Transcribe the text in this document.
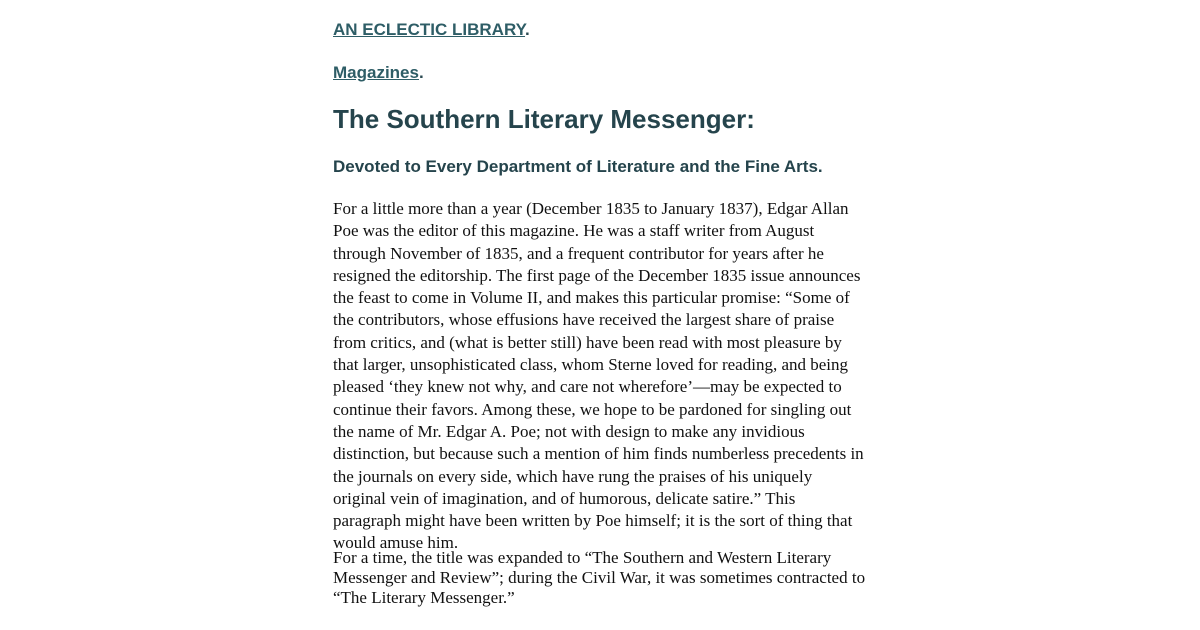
AN ECLECTIC LIBRARY.

Magazines.

The Southern Literary Messenger:
Devoted to Every Department of Literature and the Fine Arts.

For a little more than a year (December 1835 to January 1837), Edgar Allan Poe was the editor of this magazine. He was a staff writer from August through November of 1835, and a frequent contributor for years after he resigned the editorship. The first page of the December 1835 issue announces the feast to come in Volume II, and makes this particular promise: “Some of the contributors, whose effusions have received the largest share of praise from critics, and (what is better still) have been read with most pleasure by that larger, unsophisticated class, whom Sterne loved for reading, and being pleased ‘they knew not why, and care not wherefore’—may be expected to continue their favors. Among these, we hope to be pardoned for singling out the name of Mr. Edgar A. Poe; not with design to make any invidious distinction, but because such a mention of him finds numberless precedents in the journals on every side, which have rung the praises of his uniquely original vein of imagination, and of humorous, delicate satire.” This paragraph might have been written by Poe himself; it is the sort of thing that would amuse him.

For a time, the title was expanded to “The Southern and Western Literary Messenger and Review”; during the Civil War, it was sometimes contracted to “The Literary Messenger.”
